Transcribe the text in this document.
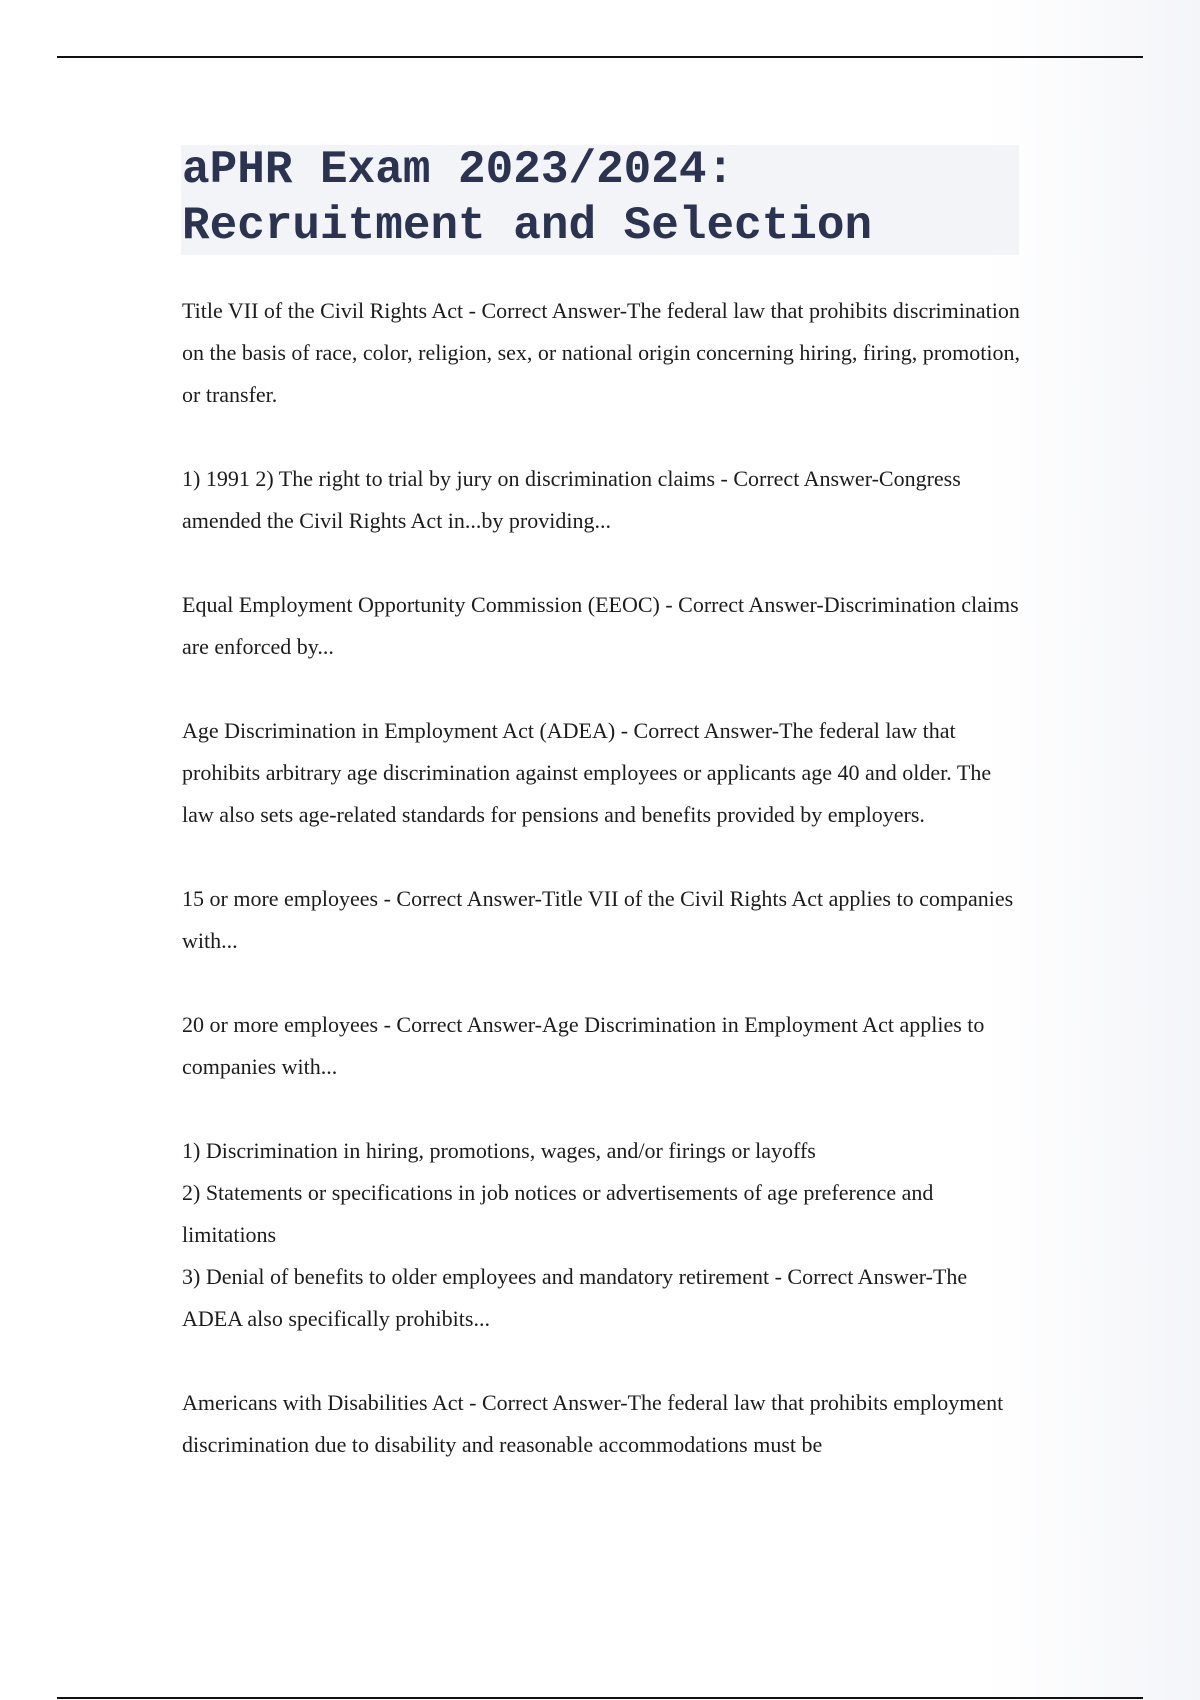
aPHR Exam 2023/2024:
Recruitment and Selection

Title VII of the Civil Rights Act - Correct Answer-The federal law that prohibits discrimination on the basis of race, color, religion, sex, or national origin concerning hiring, firing, promotion, or transfer.

1) 1991 2) The right to trial by jury on discrimination claims - Correct Answer-Congress amended the Civil Rights Act in...by providing...

Equal Employment Opportunity Commission (EEOC) - Correct Answer-Discrimination claims are enforced by...

Age Discrimination in Employment Act (ADEA) - Correct Answer-The federal law that prohibits arbitrary age discrimination against employees or applicants age 40 and older. The law also sets age-related standards for pensions and benefits provided by employers.

15 or more employees - Correct Answer-Title VII of the Civil Rights Act applies to companies with...

20 or more employees - Correct Answer-Age Discrimination in Employment Act applies to companies with...

1) Discrimination in hiring, promotions, wages, and/or firings or layoffs
2) Statements or specifications in job notices or advertisements of age preference and limitations
3) Denial of benefits to older employees and mandatory retirement - Correct Answer-The ADEA also specifically prohibits...

Americans with Disabilities Act - Correct Answer-The federal law that prohibits employment discrimination due to disability and reasonable accommodations must be
